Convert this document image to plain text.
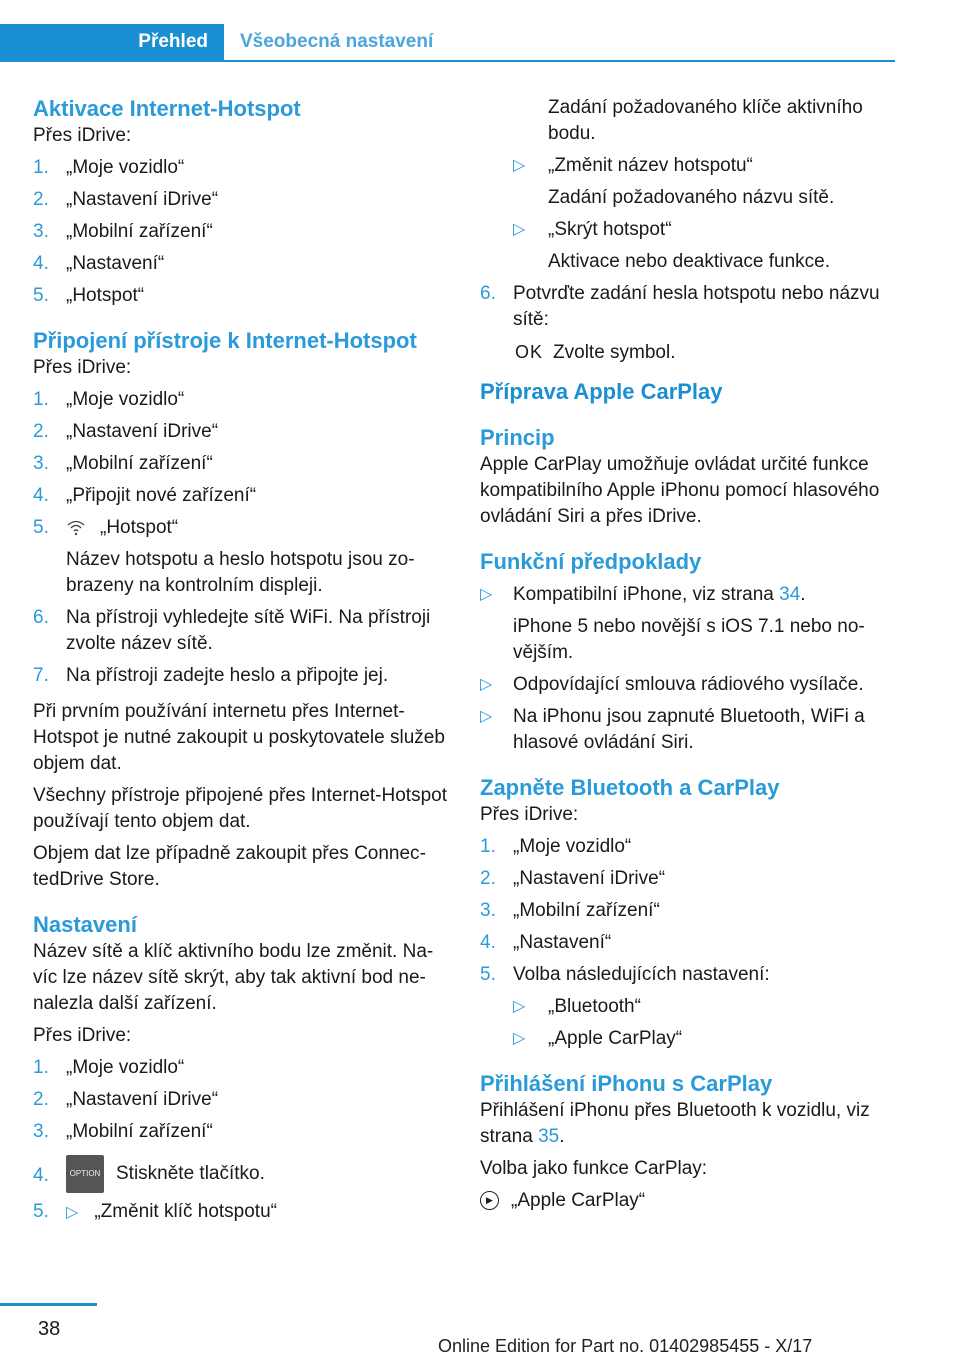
Přehled Všeobecná nastavení
Aktivace Internet-Hotspot

Přes iDrive:

1. „Moje vozidlo“
2. „Nastavení iDrive“
3. „Mobilní zařízení“
4. „Nastavení“
5. „Hotspot“
Připojení přístroje k Internet-Hotspot

Přes iDrive:

1. „Moje vozidlo“
2. „Nastavení iDrive“
3. „Mobilní zařízení“
4. „Připojit nové zařízení“
5.	„Hotspot“
Název hotspotu a heslo hotspotu jsou zobrazeny na kontrolním displeji.
6. Na přístroji vyhledejte sítě WiFi. Na přístroji zvolte název sítě.
7. Na přístroji zadejte heslo a připojte jej.

Při prvním používání internetu přes Internet-Hotspot je nutné zakoupit u poskytovatele služeb objem dat.

Všechny přístroje připojené přes Internet-Hotspot používají tento objem dat.

Objem dat lze případně zakoupit přes ConnectedDrive Store.

Nastavení

Název sítě a klíč aktivního bodu lze změnit. Navíc lze název sítě skrýt, aby tak aktivní bod nenalezla další zařízení.

Přes iDrive:

1. „Moje vozidlo“
2. „Nastavení iDrive“
3. „Mobilní zařízení“
4.	OPTION Stiskněte tlačítko.
5. ▷ „Změnit klíč hotspotu“

Zadání požadovaného klíče aktivního bodu.

▷ „Změnit název hotspotu“
Zadání požadovaného názvu sítě.
▷ „Skrýt hotspot“
Aktivace nebo deaktivace funkce.
6. Potvrďte zadání hesla hotspotu nebo názvu sítě:
OK Zvolte symbol.
Příprava Apple CarPlay
Princip

Apple CarPlay umožňuje ovládat určité funkce kompatibilního Apple iPhonu pomocí hlasového ovládání Siri a přes iDrive.

Funkční předpoklady
▷ Kompatibilní iPhone, viz strana 34.
iPhone 5 nebo novější s iOS 7.1 nebo novějším.
▷ Odpovídající smlouva rádiového vysílače.
▷ Na iPhonu jsou zapnuté Bluetooth, WiFi a hlasové ovládání Siri.
Zapněte Bluetooth a CarPlay

Přes iDrive:

1. „Moje vozidlo“
2. „Nastavení iDrive“
3. „Mobilní zařízení“
4. „Nastavení“
5. Volba následujících nastavení:
▷ „Bluetooth“
▷ „Apple CarPlay“
Přihlášení iPhonu s CarPlay

Přihlášení iPhonu přes Bluetooth k vozidlu, viz strana 35.

Volba jako funkce CarPlay:

▶ „Apple CarPlay“

38
Online Edition for Part no. 01402985455 - X/17
